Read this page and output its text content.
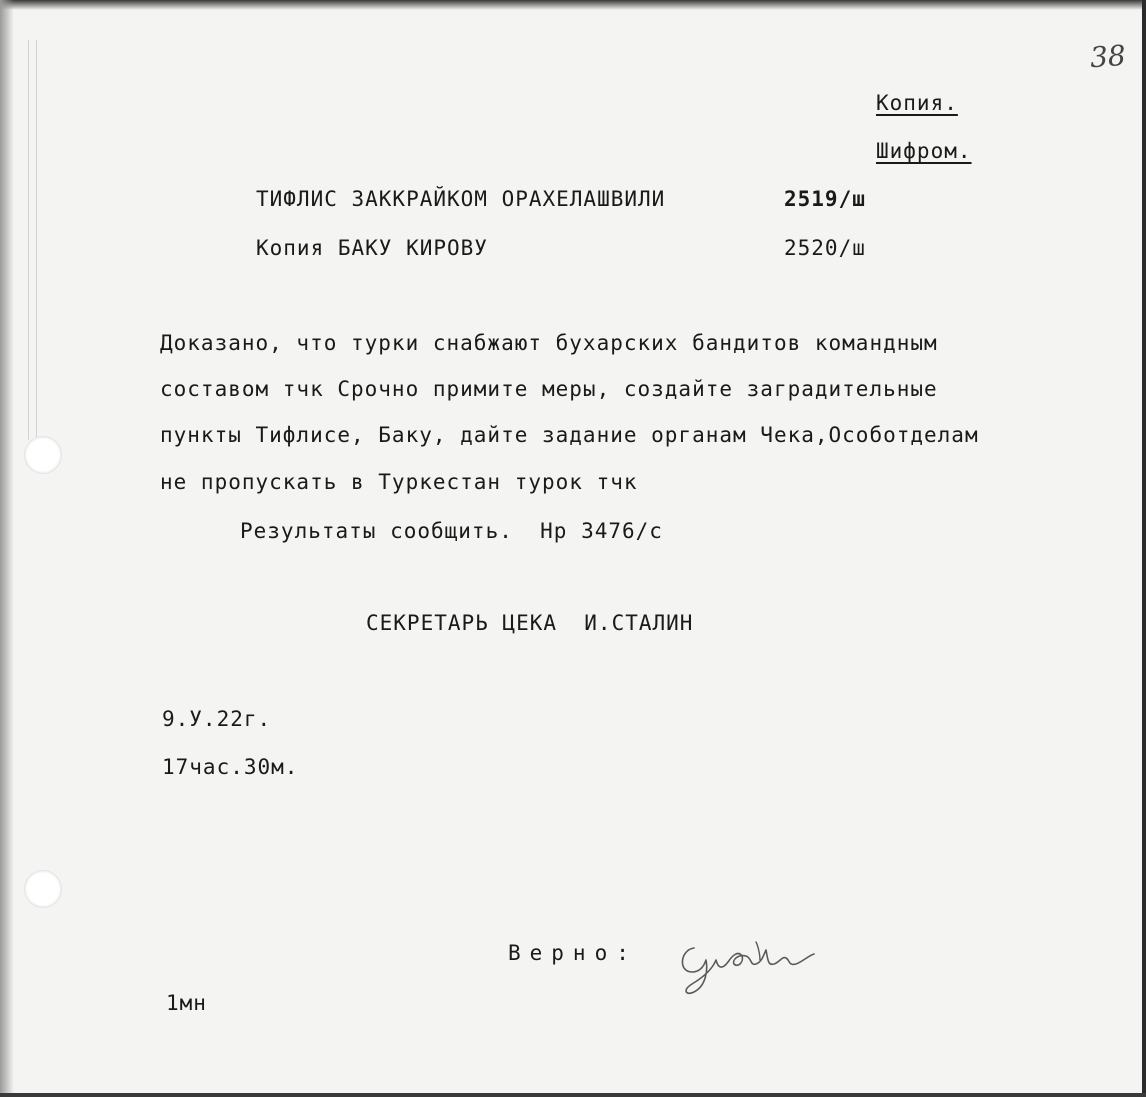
38
Копия.
Шифром.
ТИФЛИС ЗАККРАЙКОМ ОРАХЕЛАШВИЛИ	2519/ш
Копия БАКУ КИРОВУ	2520/ш
Доказано, что турки снабжают бухарских бандитов командным
составом тчк Срочно примите меры, создайте заградительные
пункты Тифлисе, Баку, дайте задание органам Чека,Особотделам
не пропускать в Туркестан турок тчк
Результаты сообщить.  Нр 3476/с
СЕКРЕТАРЬ ЦЕКА  И.СТАЛИН
9.У.22г.
17час.30м.
Верно:
1мн
